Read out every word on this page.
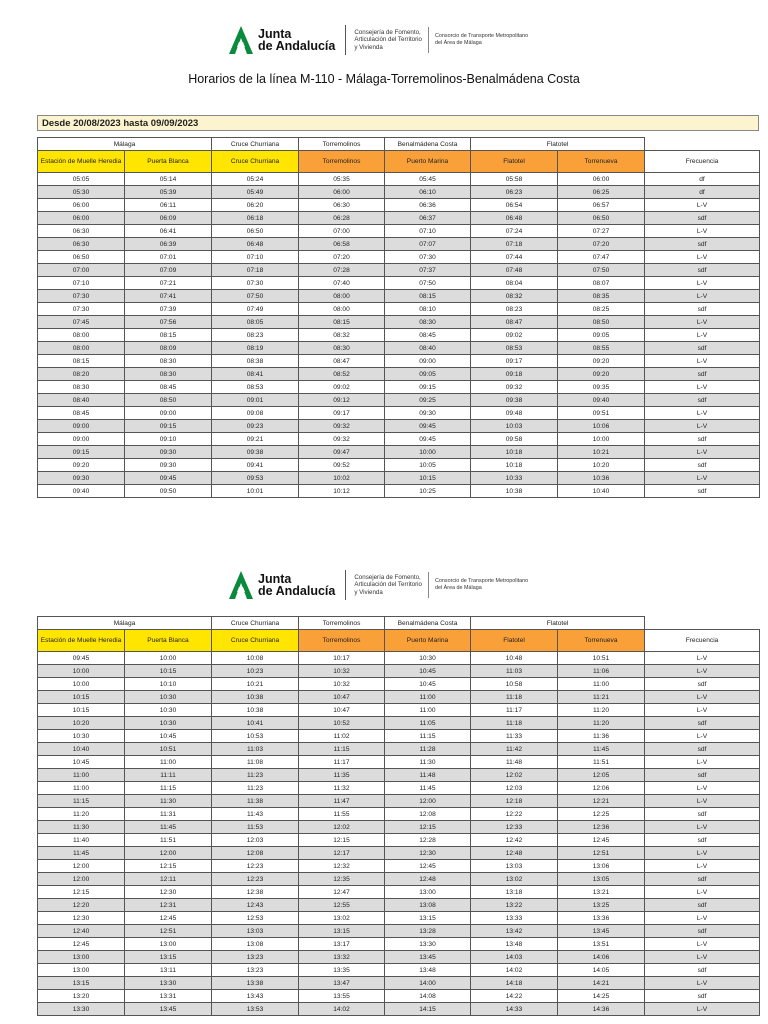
Junta
de Andalucía
Consejería de Fomento,
Articulación del Territorio
y Vivienda
Consorcio de Transporte Metropolitano
del Área de Málaga
Horarios de la línea M-110 - Málaga-Torremolinos-Benalmádena Costa
Desde 20/08/2023 hasta 09/09/2023
Málaga		Cruce Churriana	Torremolinos	Benalmádena Costa	Flatotel		
Estación de Muelle Heredia	Puerta Blanca	Cruce Churriana	Torremolinos	Puerto Marina	Flatotel	Torrenueva	Frecuencia
05:05	05:14	05:24	05:35	05:45	05:58	06:00	df
05:30	05:39	05:49	06:00	06:10	06:23	06:25	df
06:00	06:11	06:20	06:30	06:36	06:54	06:57	L-V
06:00	06:09	06:18	06:28	06:37	06:48	06:50	sdf
06:30	06:41	06:50	07:00	07:10	07:24	07:27	L-V
06:30	06:39	06:48	06:58	07:07	07:18	07:20	sdf
06:50	07:01	07:10	07:20	07:30	07:44	07:47	L-V
07:00	07:09	07:18	07:28	07:37	07:48	07:50	sdf
07:10	07:21	07:30	07:40	07:50	08:04	08:07	L-V
07:30	07:41	07:50	08:00	08:15	08:32	08:35	L-V
07:30	07:39	07:49	08:00	08:10	08:23	08:25	sdf
07:45	07:56	08:05	08:15	08:30	08:47	08:50	L-V
08:00	08:15	08:23	08:32	08:45	09:02	09:05	L-V
08:00	08:09	08:19	08:30	08:40	08:53	08:55	sdf
08:15	08:30	08:38	08:47	09:00	09:17	09:20	L-V
08:20	08:30	08:41	08:52	09:05	09:18	09:20	sdf
08:30	08:45	08:53	09:02	09:15	09:32	09:35	L-V
08:40	08:50	09:01	09:12	09:25	09:38	09:40	sdf
08:45	09:00	09:08	09:17	09:30	09:48	09:51	L-V
09:00	09:15	09:23	09:32	09:45	10:03	10:06	L-V
09:00	09:10	09:21	09:32	09:45	09:58	10:00	sdf
09:15	09:30	09:38	09:47	10:00	10:18	10:21	L-V
09:20	09:30	09:41	09:52	10:05	10:18	10:20	sdf
09:30	09:45	09:53	10:02	10:15	10:33	10:36	L-V
09:40	09:50	10:01	10:12	10:25	10:38	10:40	sdf
Junta
de Andalucía
Consejería de Fomento,
Articulación del Territorio
y Vivienda
Consorcio de Transporte Metropolitano
del Área de Málaga
Málaga		Cruce Churriana	Torremolinos	Benalmádena Costa	Flatotel		
Estación de Muelle Heredia	Puerta Blanca	Cruce Churriana	Torremolinos	Puerto Marina	Flatotel	Torrenueva	Frecuencia
09:45	10:00	10:08	10:17	10:30	10:48	10:51	L-V
10:00	10:15	10:23	10:32	10:45	11:03	11:06	L-V
10:00	10:10	10:21	10:32	10:45	10:58	11:00	sdf
10:15	10:30	10:38	10:47	11:00	11:18	11:21	L-V
10:15	10:30	10:38	10:47	11:00	11:17	11:20	L-V
10:20	10:30	10:41	10:52	11:05	11:18	11:20	sdf
10:30	10:45	10:53	11:02	11:15	11:33	11:36	L-V
10:40	10:51	11:03	11:15	11:28	11:42	11:45	sdf
10:45	11:00	11:08	11:17	11:30	11:48	11:51	L-V
11:00	11:11	11:23	11:35	11:48	12:02	12:05	sdf
11:00	11:15	11:23	11:32	11:45	12:03	12:06	L-V
11:15	11:30	11:38	11:47	12:00	12:18	12:21	L-V
11:20	11:31	11:43	11:55	12:08	12:22	12:25	sdf
11:30	11:45	11:53	12:02	12:15	12:33	12:36	L-V
11:40	11:51	12:03	12:15	12:28	12:42	12:45	sdf
11:45	12:00	12:08	12:17	12:30	12:48	12:51	L-V
12:00	12:15	12:23	12:32	12:45	13:03	13:06	L-V
12:00	12:11	12:23	12:35	12:48	13:02	13:05	sdf
12:15	12:30	12:38	12:47	13:00	13:18	13:21	L-V
12:20	12:31	12:43	12:55	13:08	13:22	13:25	sdf
12:30	12:45	12:53	13:02	13:15	13:33	13:36	L-V
12:40	12:51	13:03	13:15	13:28	13:42	13:45	sdf
12:45	13:00	13:08	13:17	13:30	13:48	13:51	L-V
13:00	13:15	13:23	13:32	13:45	14:03	14:06	L-V
13:00	13:11	13:23	13:35	13:48	14:02	14:05	sdf
13:15	13:30	13:38	13:47	14:00	14:18	14:21	L-V
13:20	13:31	13:43	13:55	14:08	14:22	14:25	sdf
13:30	13:45	13:53	14:02	14:15	14:33	14:36	L-V
